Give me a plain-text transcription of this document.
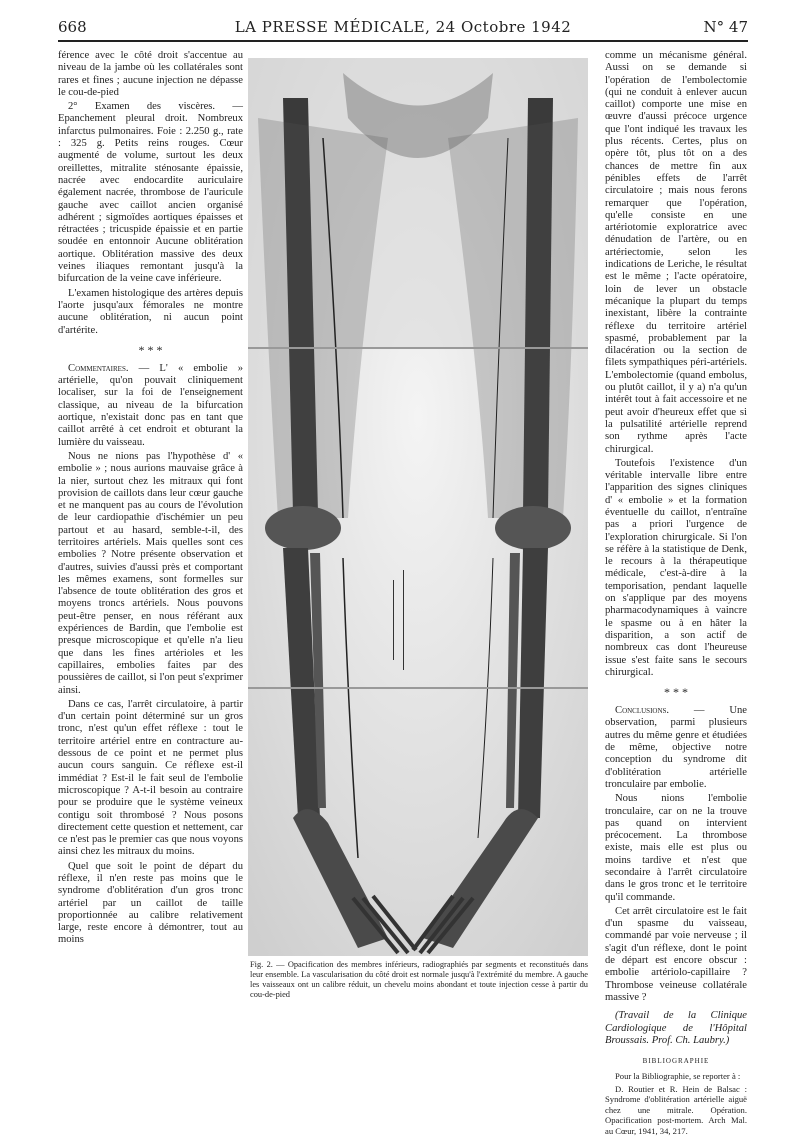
668	LA PRESSE MÉDICALE, 24 Octobre 1942	N° 47

férence avec le côté droit s'accentue au niveau de la jambe où les collatérales sont rares et fines ; aucune injection ne dépasse le cou-de-pied

2° Examen des viscères. — Epanchement pleural droit. Nombreux infarctus pulmonaires. Foie : 2.250 g., rate : 325 g. Petits reins rouges. Cœur augmenté de volume, surtout les deux oreillettes, mitralite sténosante épaissie, nacrée avec endocardite auriculaire également nacrée, thrombose de l'auricule gauche avec caillot ancien organisé adhérent ; sigmoïdes aortiques épaisses et rétractées ; tricuspide épaissie et en partie soudée en entonnoir Aucune oblitération aortique. Oblitération massive des deux veines iliaques remontant jusqu'à la bifurcation de la veine cave inférieure.

L'examen histologique des artères depuis l'aorte jusqu'aux fémorales ne montre aucune oblitération, ni aucun point d'artérite.

* * *

Commentaires. — L' « embolie » artérielle, qu'on pouvait cliniquement localiser, sur la foi de l'enseignement classique, au niveau de la bifurcation aortique, n'existait donc pas en tant que caillot arrêté à cet endroit et obturant la lumière du vaisseau.

Nous ne nions pas l'hypothèse d' « embolie » ; nous aurions mauvaise grâce à la nier, surtout chez les mitraux qui font provision de caillots dans leur cœur gauche et ne manquent pas au cours de l'évolution de leur cardiopathie d'ischémier un peu partout et au hasard, semble-t-il, des territoires artériels. Mais quelles sont ces embolies ? Notre présente observation et d'autres, suivies d'aussi près et comportant les mêmes examens, sont formelles sur l'absence de toute oblitération des gros et moyens troncs artériels. Nous pouvons peut-être penser, en nous référant aux expériences de Bardin, que l'embolie est presque microscopique et qu'elle n'a lieu que dans les fines artérioles et les capillaires, embolies faites par des poussières de caillot, si l'on peut s'exprimer ainsi.

Dans ce cas, l'arrêt circulatoire, à partir d'un certain point déterminé sur un gros tronc, n'est qu'un effet réflexe : tout le territoire artériel entre en contracture au-dessous de ce point et ne permet plus aucun cours sanguin. Ce réflexe est-il immédiat ? Est-il le fait seul de l'embolie microscopique ? A-t-il besoin au contraire pour se produire que le système veineux contigu soit thrombosé ? Nous posons directement cette question et nettement, car ce n'est pas le premier cas que nous voyons ainsi chez les mitraux du moins.

Quel que soit le point de départ du réflexe, il n'en reste pas moins que le syndrome d'oblitération d'un gros tronc artériel par un caillot de taille proportionnée au calibre relativement large, reste encore à démontrer, tout au moins

Fig. 2. — Opacification des membres inférieurs, radiographiés par segments et reconstitués dans leur ensemble. La vascularisation du côté droit est normale jusqu'à l'extrémité du membre. A gauche les vaisseaux ont un calibre réduit, un chevelu moins abondant et toute injection cesse à partir du cou-de-pied

comme un mécanisme général. Aussi on se demande si l'opération de l'embolectomie (qui ne conduit à enlever aucun caillot) comporte une mise en œuvre d'aussi précoce urgence que l'ont indiqué les travaux les plus récents. Certes, plus on opère tôt, plus tôt on a des chances de mettre fin aux pénibles effets de l'arrêt circulatoire ; mais nous ferons remarquer que l'opération, qu'elle consiste en une artériotomie exploratrice avec dénudation de l'artère, ou en artériectomie, selon les indications de Leriche, le résultat est le même ; l'acte opératoire, loin de lever un obstacle mécanique la plupart du temps inexistant, libère la contrainte réflexe du territoire artériel spasmé, probablement par la dilacération ou la section de filets sympathiques péri-artériels. L'embolectomie (quand embolus, ou plutôt caillot, il y a) n'a qu'un intérêt tout à fait accessoire et ne peut avoir d'heureux effet que si la pulsatilité artérielle reprend son rythme après l'acte chirurgical.

Toutefois l'existence d'un véritable intervalle libre entre l'apparition des signes cliniques d' « embolie » et la formation éventuelle du caillot, n'entraîne pas a priori l'urgence de l'exploration chirurgicale. Si l'on se réfère à la statistique de Denk, le recours à la thérapeutique médicale, c'est-à-dire à la temporisation, pendant laquelle on s'applique par des moyens pharmacodynamiques à vaincre le spasme ou à en hâter la disparition, a son actif de nombreux cas dont l'heureuse issue s'est faite sans le secours chirurgical.

* * *

Conclusions. — Une observation, parmi plusieurs autres du même genre et étudiées de même, objective notre conception du syndrome dit d'oblitération artérielle tronculaire par embolie.

Nous nions l'embolie tronculaire, car on ne la trouve pas quand on intervient précocement. La thrombose existe, mais elle est plus ou moins tardive et n'est que secondaire à l'arrêt circulatoire dans le gros tronc et le territoire qu'il commande.

Cet arrêt circulatoire est le fait d'un spasme du vaisseau, commandé par voie nerveuse ; il s'agit d'un réflexe, dont le point de départ est encore obscur : embolie artériolo-capillaire ? Thrombose veineuse collatérale massive ?

(Travail de la Clinique Cardiologique de l'Hôpital Broussais. Prof. Ch. Laubry.)

BIBLIOGRAPHIE

Pour la Bibliographie, se reporter à :

D. Routier et R. Hein de Balsac : Syndrome d'oblitération artérielle aiguë chez une mitrale. Opération. Opacification post-mortem. Arch Mal. au Cœur, 1941, 34, 217.
